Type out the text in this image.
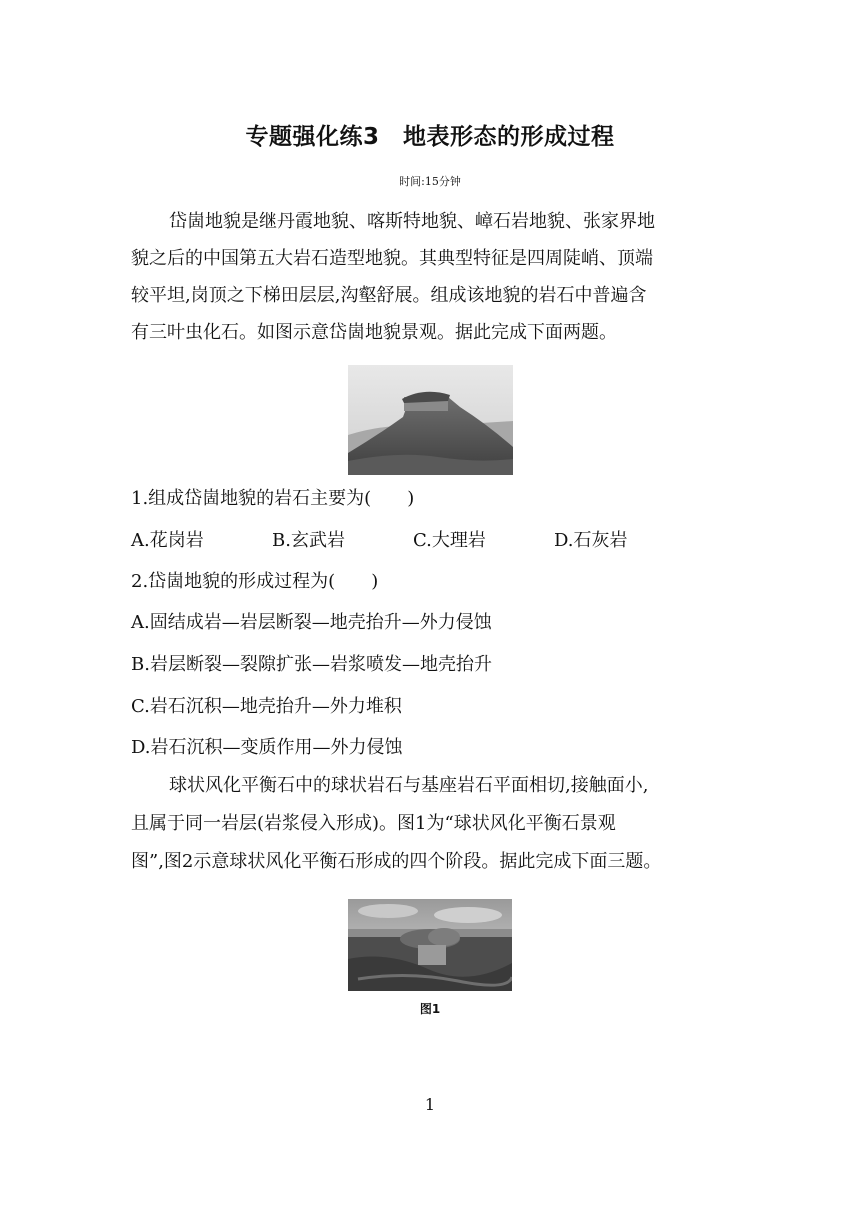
专题强化练3　地表形态的形成过程
时间:15分钟
岱崮地貌是继丹霞地貌、喀斯特地貌、嶂石岩地貌、张家界地
貌之后的中国第五大岩石造型地貌。其典型特征是四周陡峭、顶端
较平坦,岗顶之下梯田层层,沟壑舒展。组成该地貌的岩石中普遍含
有三叶虫化石。如图示意岱崮地貌景观。据此完成下面两题。
1.组成岱崮地貌的岩石主要为(　　)
A.花岗岩	B.玄武岩	C.大理岩	D.石灰岩
2.岱崮地貌的形成过程为(　　)
A.固结成岩—岩层断裂—地壳抬升—外力侵蚀
B.岩层断裂—裂隙扩张—岩浆喷发—地壳抬升
C.岩石沉积—地壳抬升—外力堆积
D.岩石沉积—变质作用—外力侵蚀
球状风化平衡石中的球状岩石与基座岩石平面相切,接触面小,
且属于同一岩层(岩浆侵入形成)。图1为“球状风化平衡石景观
图”,图2示意球状风化平衡石形成的四个阶段。据此完成下面三题。
图1
1
